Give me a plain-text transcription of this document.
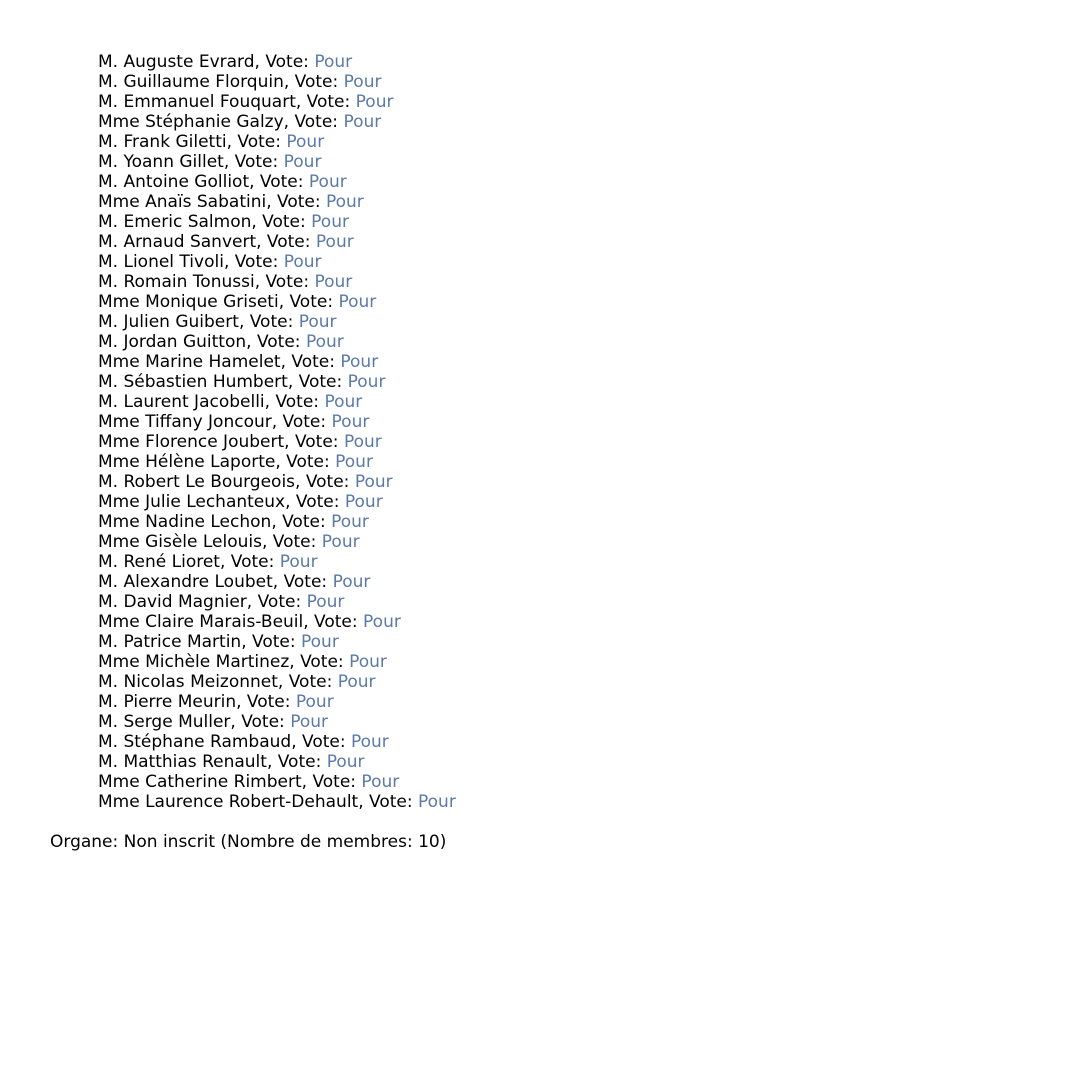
M. Auguste Evrard, Vote: Pour
M. Guillaume Florquin, Vote: Pour
M. Emmanuel Fouquart, Vote: Pour
Mme Stéphanie Galzy, Vote: Pour
M. Frank Giletti, Vote: Pour
M. Yoann Gillet, Vote: Pour
M. Antoine Golliot, Vote: Pour
Mme Anaïs Sabatini, Vote: Pour
M. Emeric Salmon, Vote: Pour
M. Arnaud Sanvert, Vote: Pour
M. Lionel Tivoli, Vote: Pour
M. Romain Tonussi, Vote: Pour
Mme Monique Griseti, Vote: Pour
M. Julien Guibert, Vote: Pour
M. Jordan Guitton, Vote: Pour
Mme Marine Hamelet, Vote: Pour
M. Sébastien Humbert, Vote: Pour
M. Laurent Jacobelli, Vote: Pour
Mme Tiffany Joncour, Vote: Pour
Mme Florence Joubert, Vote: Pour
Mme Hélène Laporte, Vote: Pour
M. Robert Le Bourgeois, Vote: Pour
Mme Julie Lechanteux, Vote: Pour
Mme Nadine Lechon, Vote: Pour
Mme Gisèle Lelouis, Vote: Pour
M. René Lioret, Vote: Pour
M. Alexandre Loubet, Vote: Pour
M. David Magnier, Vote: Pour
Mme Claire Marais-Beuil, Vote: Pour
M. Patrice Martin, Vote: Pour
Mme Michèle Martinez, Vote: Pour
M. Nicolas Meizonnet, Vote: Pour
M. Pierre Meurin, Vote: Pour
M. Serge Muller, Vote: Pour
M. Stéphane Rambaud, Vote: Pour
M. Matthias Renault, Vote: Pour
Mme Catherine Rimbert, Vote: Pour
Mme Laurence Robert-Dehault, Vote: Pour
Organe: Non inscrit (Nombre de membres: 10)
